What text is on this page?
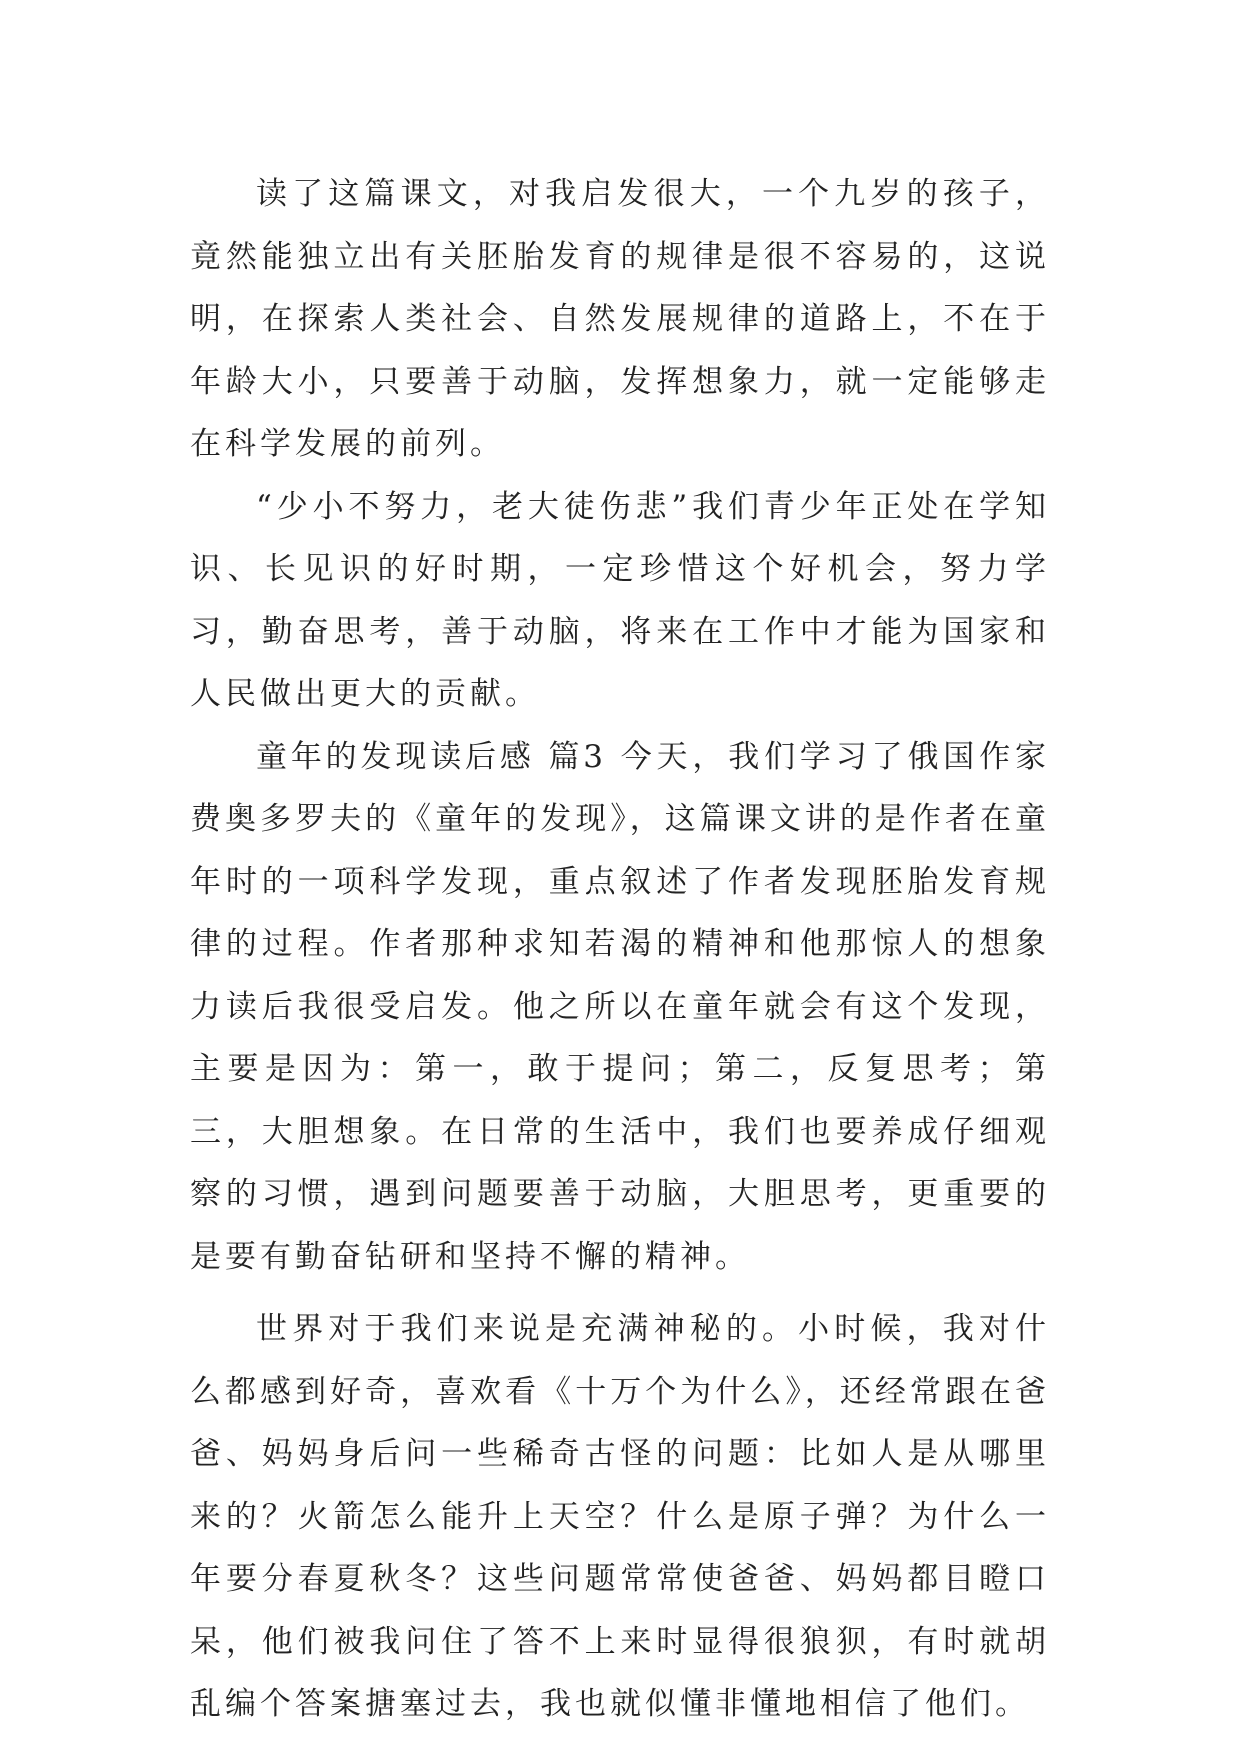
读了这篇课文，对我启发很大，一个九岁的孩子，竟然能独立出有关胚胎发育的规律是很不容易的，这说明，在探索人类社会、自然发展规律的道路上，不在于年龄大小，只要善于动脑，发挥想象力，就一定能够走在科学发展的前列。

“少小不努力，老大徒伤悲”我们青少年正处在学知识、长见识的好时期，一定珍惜这个好机会，努力学习，勤奋思考，善于动脑，将来在工作中才能为国家和人民做出更大的贡献。

童年的发现读后感 篇3 今天，我们学习了俄国作家费奥多罗夫的《童年的发现》，这篇课文讲的是作者在童年时的一项科学发现，重点叙述了作者发现胚胎发育规律的过程。作者那种求知若渴的精神和他那惊人的想象力读后我很受启发。他之所以在童年就会有这个发现，主要是因为：第一，敢于提问；第二，反复思考；第三，大胆想象。在日常的生活中，我们也要养成仔细观察的习惯，遇到问题要善于动脑，大胆思考，更重要的是要有勤奋钻研和坚持不懈的精神。

世界对于我们来说是充满神秘的。小时候，我对什么都感到好奇，喜欢看《十万个为什么》，还经常跟在爸爸、妈妈身后问一些稀奇古怪的问题：比如人是从哪里来的？火箭怎么能升上天空？什么是原子弹？为什么一年要分春夏秋冬？这些问题常常使爸爸、妈妈都目瞪口呆，他们被我问住了答不上来时显得很狼狈，有时就胡乱编个答案搪塞过去，我也就似懂非懂地相信了他们。
